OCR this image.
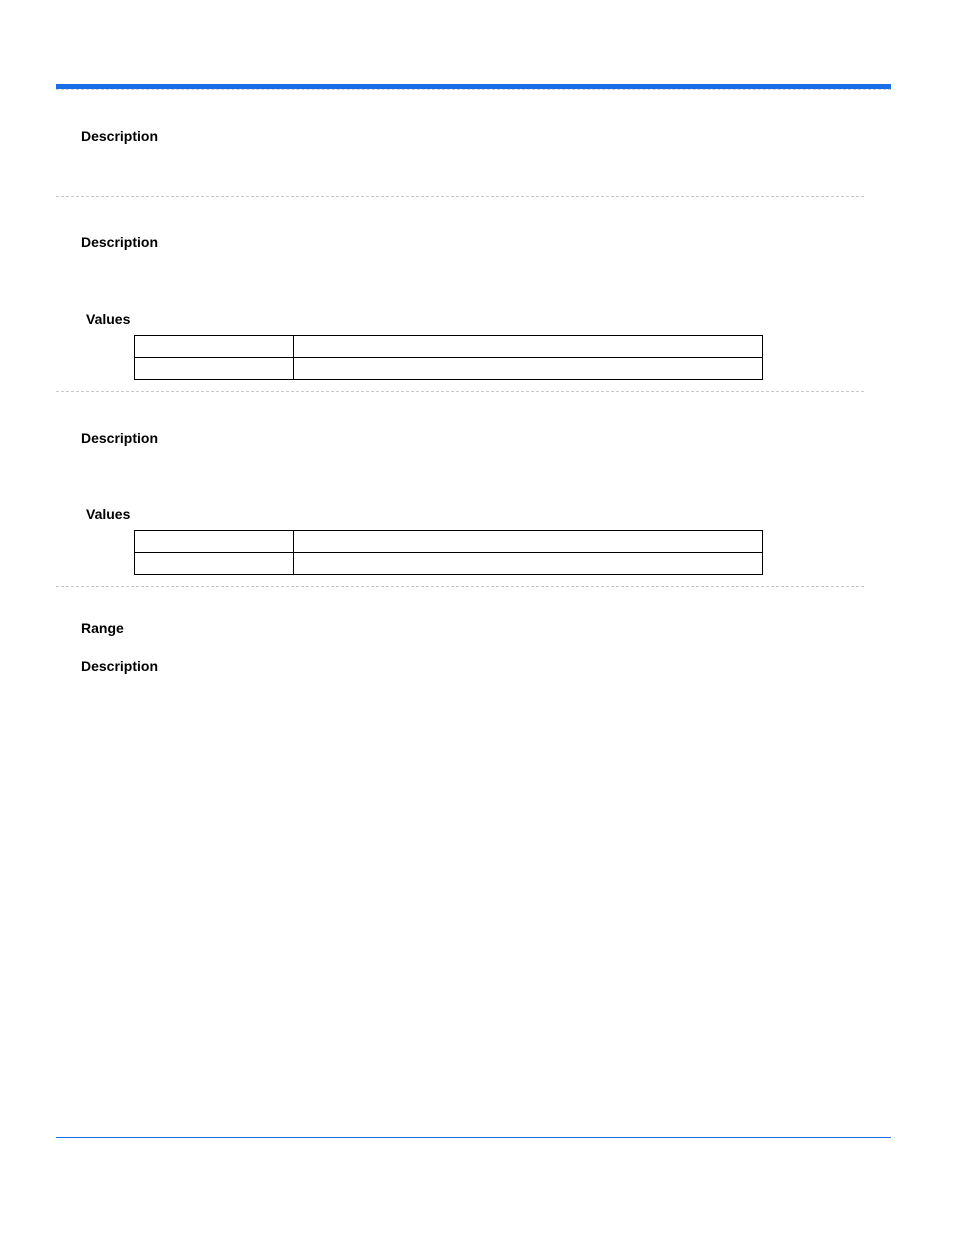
Description
Description
Values

Description
Values

Range
Description
